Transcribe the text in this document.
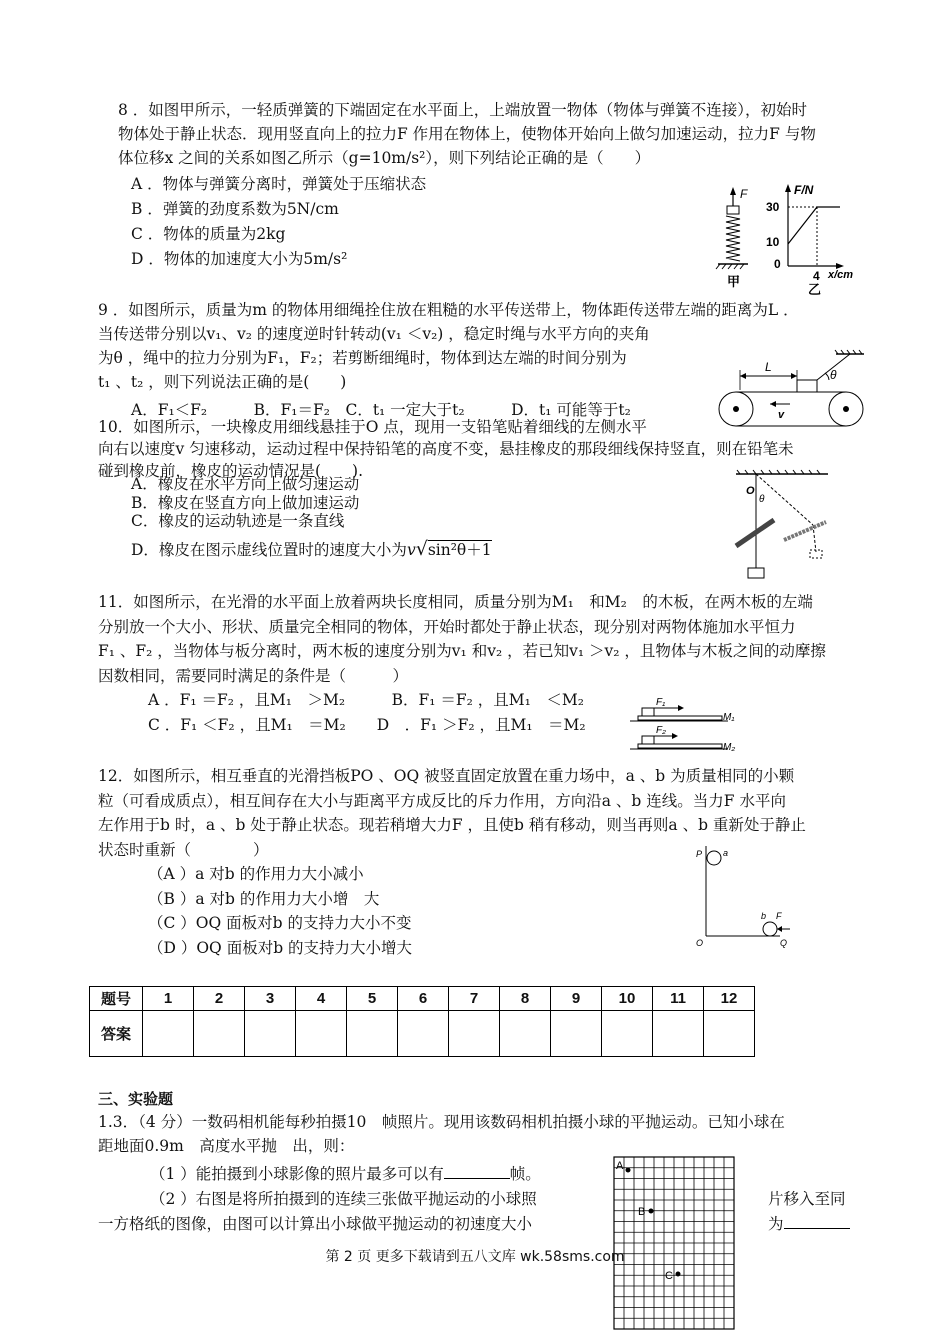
8 ．如图甲所示，一轻质弹簧的下端固定在水平面上，上端放置一物体（物体与弹簧不连接），初始时
物体处于静止状态．现用竖直向上的拉力F 作用在物体上，使物体开始向上做匀加速运动，拉力F 与物
体位移x 之间的关系如图乙所示（g=10m/s²），则下列结论正确的是（　　）
A ．物体与弹簧分离时，弹簧处于压缩状态
B ．弹簧的劲度系数为5N/cm
C ．物体的质量为2kg
D ．物体的加速度大小为5m/s²
F
甲
F/N
30
10
0
4 x/cm
乙
9 ．如图所示，质量为m 的物体用细绳拴住放在粗糙的水平传送带上，物体距传送带左端的距离为L ．
当传送带分别以v₁、v₂ 的速度逆时针转动(v₁ ＜v₂) ，稳定时绳与水平方向的夹角
为θ ，绳中的拉力分别为F₁，F₂；若剪断细绳时，物体到达左端的时间分别为
t₁ 、t₂ ，则下列说法正确的是(　　)
A．F₁＜F₂　　　B．F₁＝F₂　C．t₁ 一定大于t₂　　　D．t₁ 可能等于t₂
θ
L
v
10．如图所示，一块橡皮用细线悬挂于O 点，现用一支铅笔贴着细线的左侧水平
向右以速度v 匀速移动，运动过程中保持铅笔的高度不变，悬挂橡皮的那段细线保持竖直，则在铅笔未
碰到橡皮前，橡皮的运动情况是(　　).
A．橡皮在水平方向上做匀速运动
B．橡皮在竖直方向上做加速运动
C．橡皮的运动轨迹是一条直线
D．橡皮在图示虚线位置时的速度大小为v√sin²θ＋1
O
θ
11．如图所示，在光滑的水平面上放着两块长度相同，质量分别为M₁　和M₂　的木板，在两木板的左端
分别放一个大小、形状、质量完全相同的物体，开始时都处于静止状态，现分别对两物体施加水平恒力
F₁ 、F₂ ，当物体与板分离时，两木板的速度分别为v₁ 和v₂ ，若已知v₁ ＞v₂ ，且物体与木板之间的动摩擦
因数相同，需要同时满足的条件是（　　　）
A ．F₁ ＝F₂ ，且M₁　＞M₂　　　B．F₁ ＝F₂ ，且M₁　＜M₂
C ．F₁ ＜F₂ ，且M₁　＝M₂　　D　．F₁ ＞F₂ ，且M₁　＝M₂
F₁
M₁
F₂
M₂
12．如图所示，相互垂直的光滑挡板PO 、OQ 被竖直固定放置在重力场中，a 、b 为质量相同的小颗
粒（可看成质点），相互间存在大小与距离平方成反比的斥力作用，方向沿a 、b 连线。当力F 水平向
左作用于b 时，a 、b 处于静止状态。现若稍增大力F ，且使b 稍有移动，则当再则a 、b 重新处于静止
状态时重新（　　　　）
（A ）a 对b 的作用力大小减小
（B ）a 对b 的作用力大小增　大
（C ）OQ 面板对b 的支持力大小不变
（D ）OQ 面板对b 的支持力大小增大
P a
b F
O	Q
题号	1	2	3	4	5	6	7	8	9	10	11	12
答案												
三、实验题
1.3．（4 分）一数码相机能每秒拍摄10　帧照片。现用该数码相机拍摄小球的平抛运动。已知小球在
距地面0.9m　高度水平抛　出，则：
（1 ）能拍摄到小球影像的照片最多可以有	帧。
（2 ）右图是将所拍摄到的连续三张做平抛运动的小球照	片移入至同
一方格纸的图像，由图可以计算出小球做平抛运动的初速度大小	为
A
B
C
第 2 页 更多下载请到五八文库 wk.58sms.com
